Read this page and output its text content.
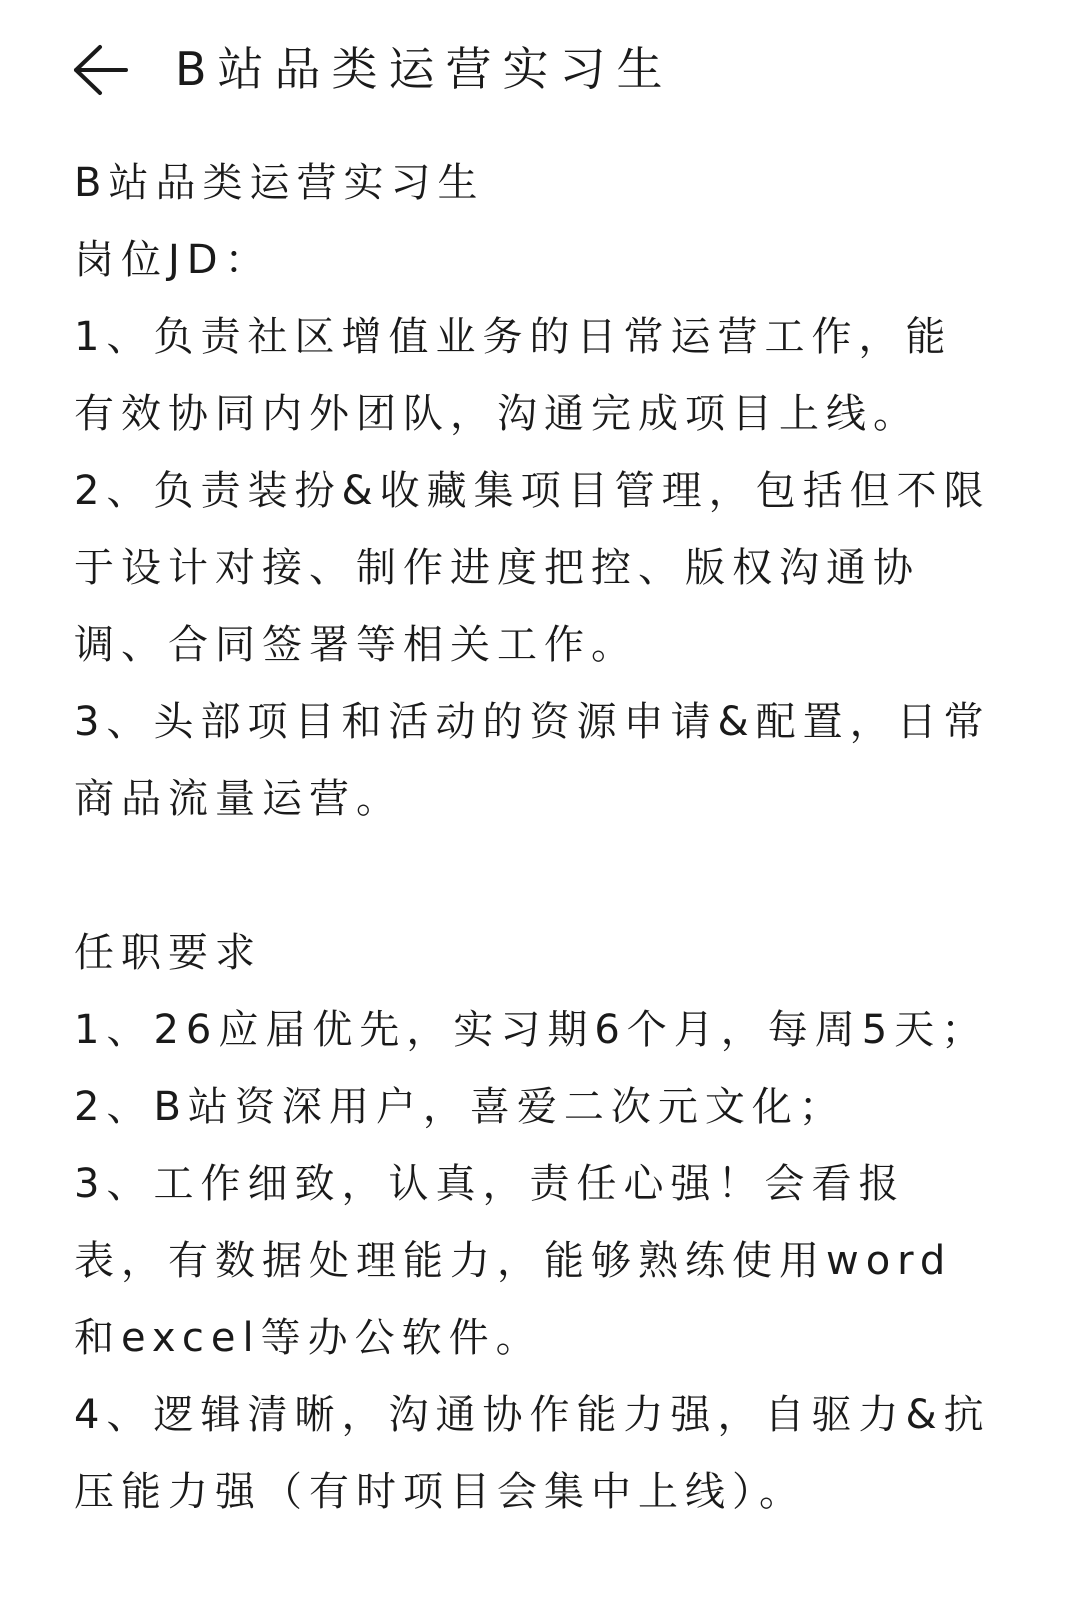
B站品类运营实习生

B站品类运营实习生

岗位JD：

1、负责社区增值业务的日常运营工作，能有效协同内外团队，沟通完成项目上线。

2、负责装扮&收藏集项目管理，包括但不限于设计对接、制作进度把控、版权沟通协调、合同签署等相关工作。

3、头部项目和活动的资源申请&配置，日常商品流量运营。

任职要求

1、26应届优先，实习期6个月，每周5天；

2、B站资深用户，喜爱二次元文化；

3、工作细致，认真，责任心强！会看报表，有数据处理能力，能够熟练使用word和excel等办公软件。

4、逻辑清晰，沟通协作能力强，自驱力&抗压能力强（有时项目会集中上线）。
